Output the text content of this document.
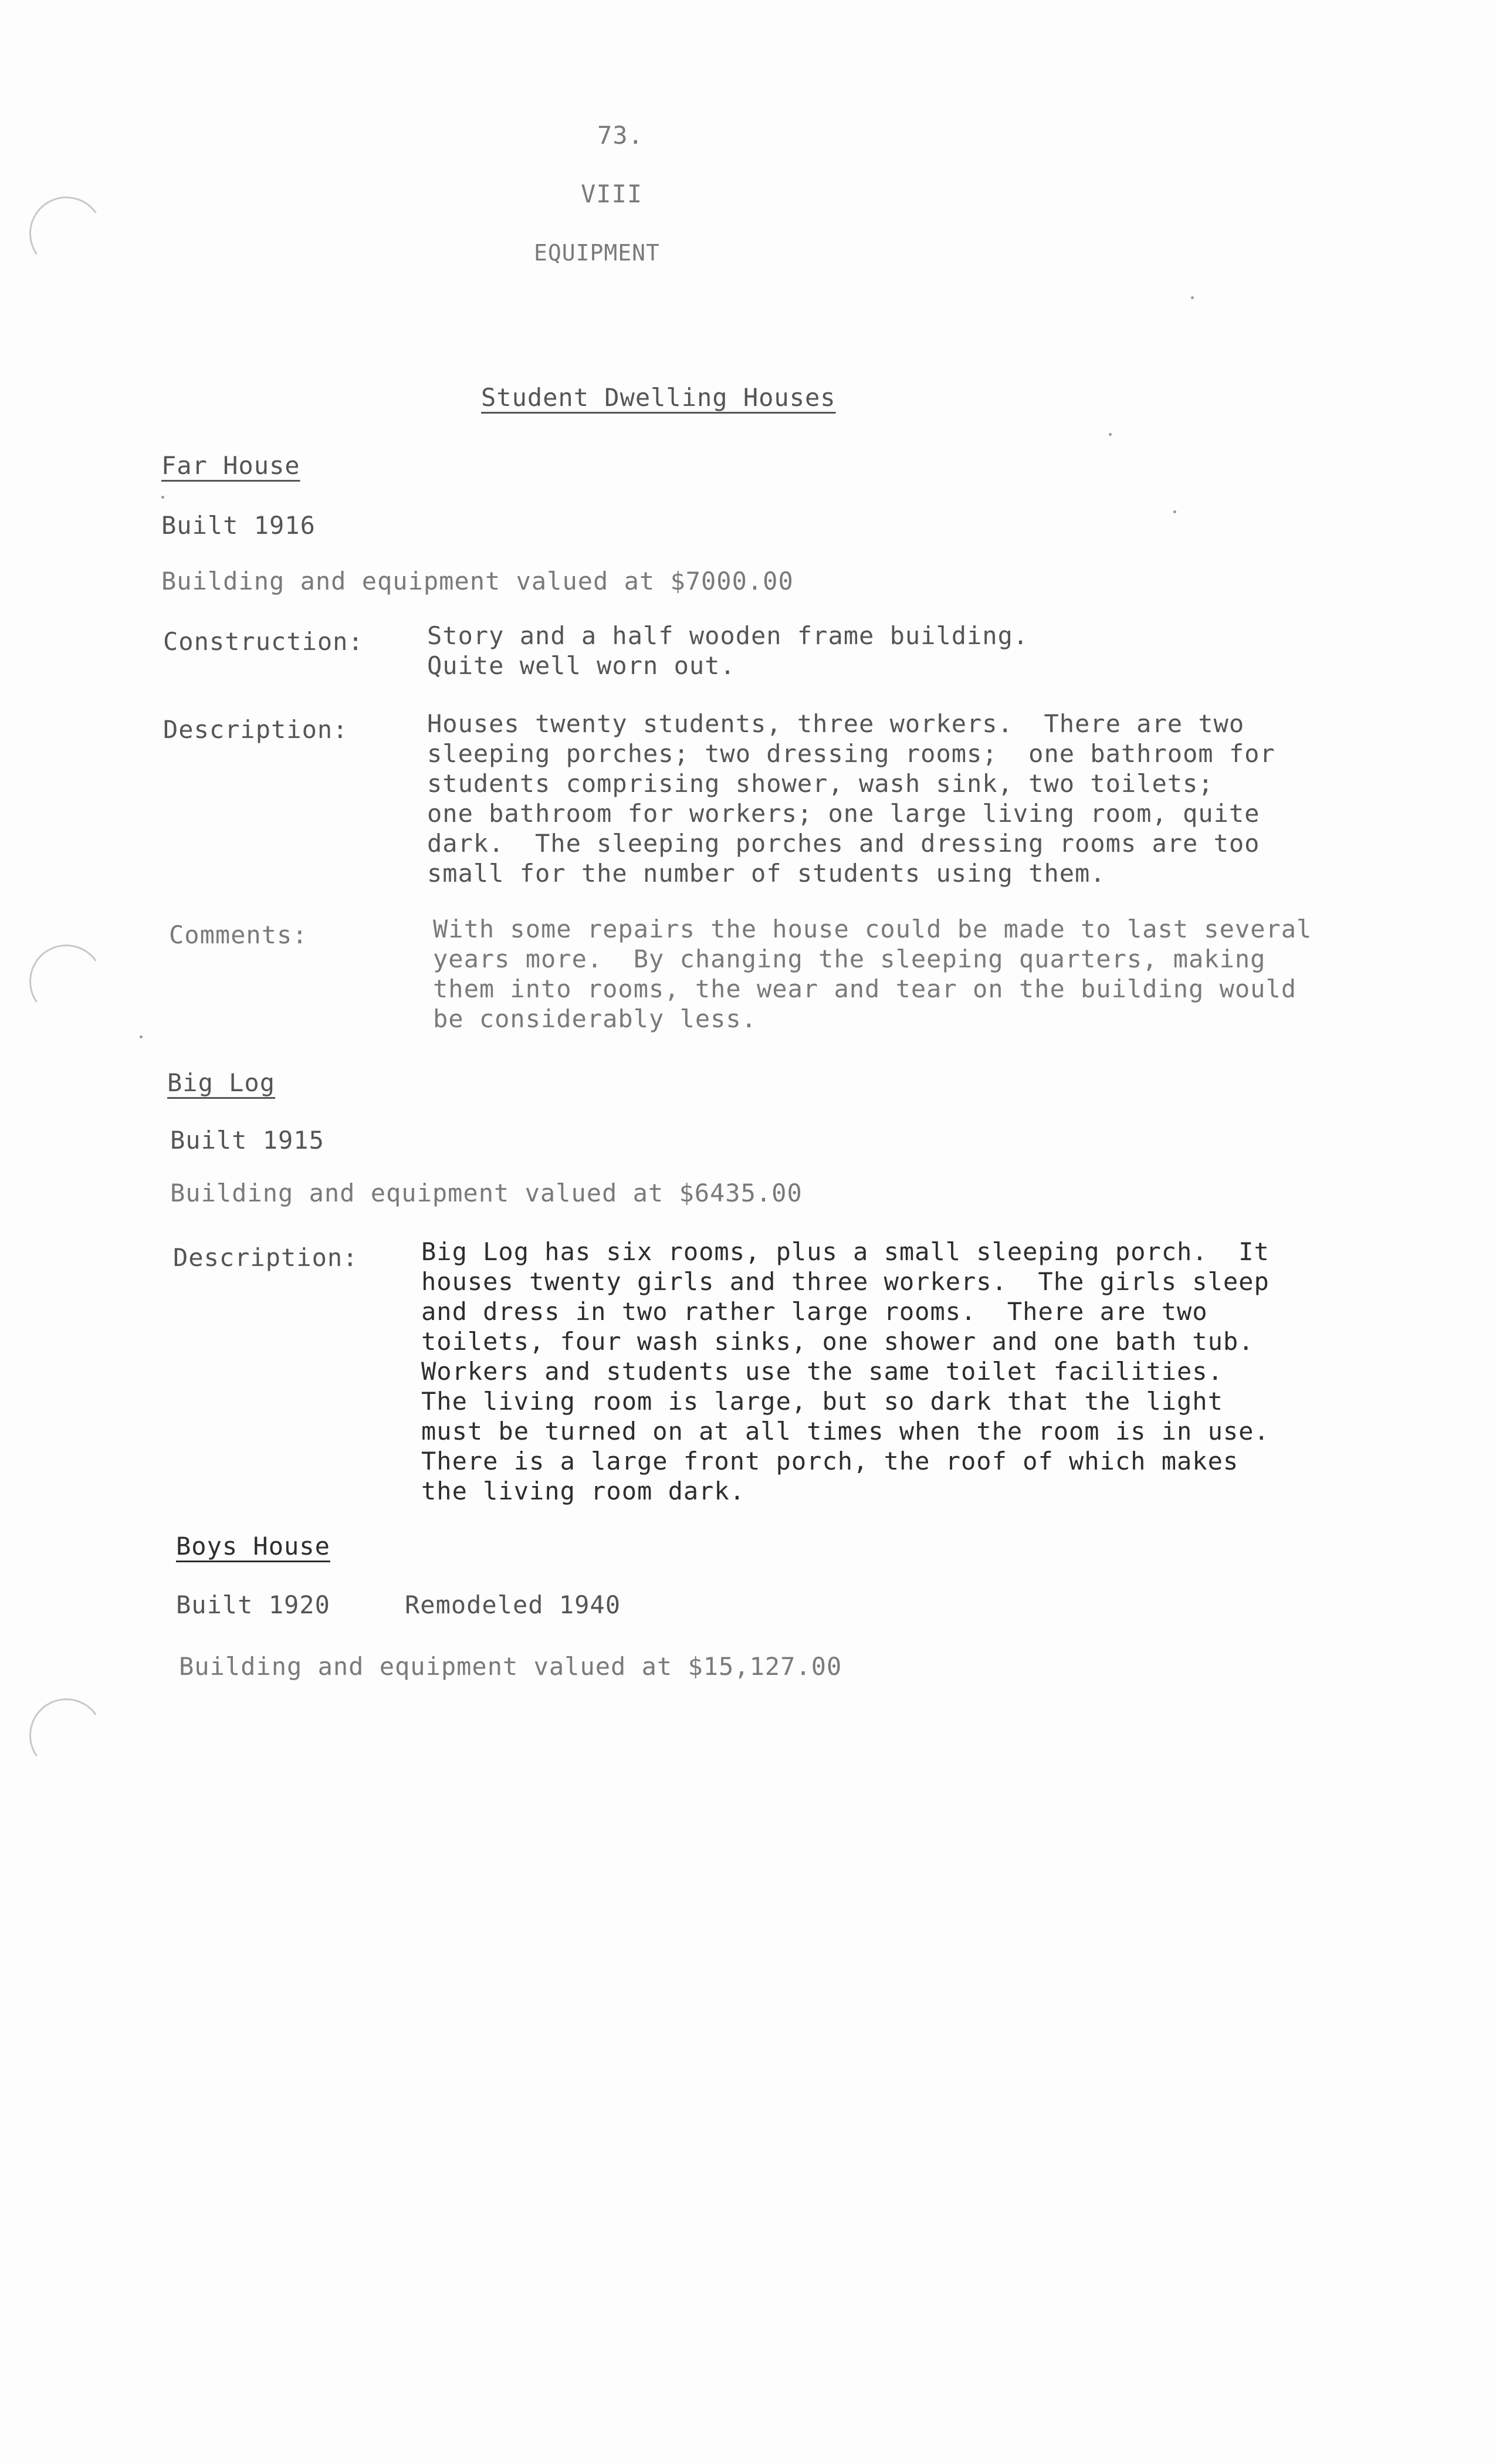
73.
VIII
EQUIPMENT
Student Dwelling Houses
Far House
Built 1916
Building and equipment valued at $7000.00
Construction:	Story and a half wooden frame building.
Quite well worn out.
Description:	Houses twenty students, three workers.  There are two
sleeping porches; two dressing rooms;  one bathroom for
students comprising shower, wash sink, two toilets;
one bathroom for workers; one large living room, quite
dark.  The sleeping porches and dressing rooms are too
small for the number of students using them.
Comments:	With some repairs the house could be made to last several
years more.  By changing the sleeping quarters, making
them into rooms, the wear and tear on the building would
be considerably less.
Big Log
Built 1915
Building and equipment valued at $6435.00
Description:	Big Log has six rooms, plus a small sleeping porch.  It
houses twenty girls and three workers.  The girls sleep
and dress in two rather large rooms.  There are two
toilets, four wash sinks, one shower and one bath tub.
Workers and students use the same toilet facilities.
The living room is large, but so dark that the light
must be turned on at all times when the room is in use.
There is a large front porch, the roof of which makes
the living room dark.
Boys House
Built 1920	Remodeled 1940
Building and equipment valued at $15,127.00
